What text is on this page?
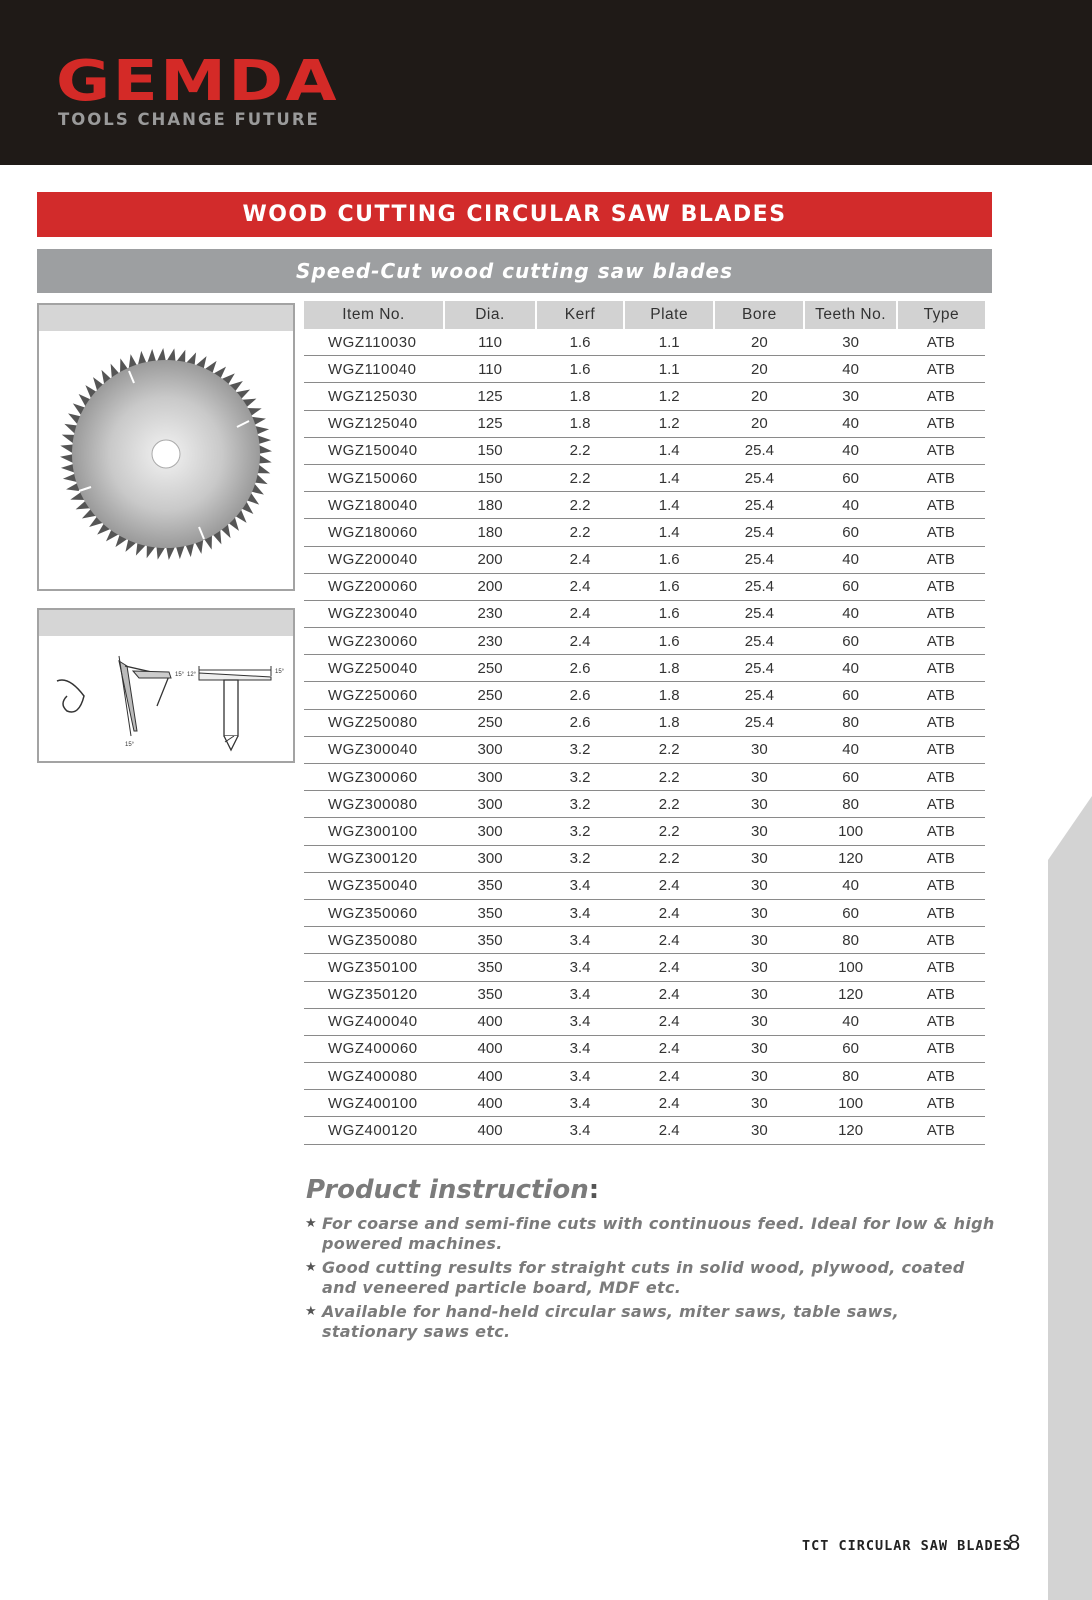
GEMDA
TOOLS CHANGE FUTURE
WOOD CUTTING CIRCULAR SAW BLADES
Speed-Cut wood cutting saw blades
15° 12°
15°
15°
Item No.	Dia.	Kerf	Plate	Bore	Teeth No.	Type
WGZ110030	110	1.6	1.1	20	30	ATB
WGZ110040	110	1.6	1.1	20	40	ATB
WGZ125030	125	1.8	1.2	20	30	ATB
WGZ125040	125	1.8	1.2	20	40	ATB
WGZ150040	150	2.2	1.4	25.4	40	ATB
WGZ150060	150	2.2	1.4	25.4	60	ATB
WGZ180040	180	2.2	1.4	25.4	40	ATB
WGZ180060	180	2.2	1.4	25.4	60	ATB
WGZ200040	200	2.4	1.6	25.4	40	ATB
WGZ200060	200	2.4	1.6	25.4	60	ATB
WGZ230040	230	2.4	1.6	25.4	40	ATB
WGZ230060	230	2.4	1.6	25.4	60	ATB
WGZ250040	250	2.6	1.8	25.4	40	ATB
WGZ250060	250	2.6	1.8	25.4	60	ATB
WGZ250080	250	2.6	1.8	25.4	80	ATB
WGZ300040	300	3.2	2.2	30	40	ATB
WGZ300060	300	3.2	2.2	30	60	ATB
WGZ300080	300	3.2	2.2	30	80	ATB
WGZ300100	300	3.2	2.2	30	100	ATB
WGZ300120	300	3.2	2.2	30	120	ATB
WGZ350040	350	3.4	2.4	30	40	ATB
WGZ350060	350	3.4	2.4	30	60	ATB
WGZ350080	350	3.4	2.4	30	80	ATB
WGZ350100	350	3.4	2.4	30	100	ATB
WGZ350120	350	3.4	2.4	30	120	ATB
WGZ400040	400	3.4	2.4	30	40	ATB
WGZ400060	400	3.4	2.4	30	60	ATB
WGZ400080	400	3.4	2.4	30	80	ATB
WGZ400100	400	3.4	2.4	30	100	ATB
WGZ400120	400	3.4	2.4	30	120	ATB
Product instruction:
★ For coarse and semi-fine cuts with continuous feed. Ideal for low & high powered machines.
★ Good cutting results for straight cuts in solid wood, plywood, coated and veneered particle board, MDF etc.
★ Available for hand-held circular saws, miter saws, table saws, stationary saws etc.
TCT CIRCULAR SAW BLADES
8
